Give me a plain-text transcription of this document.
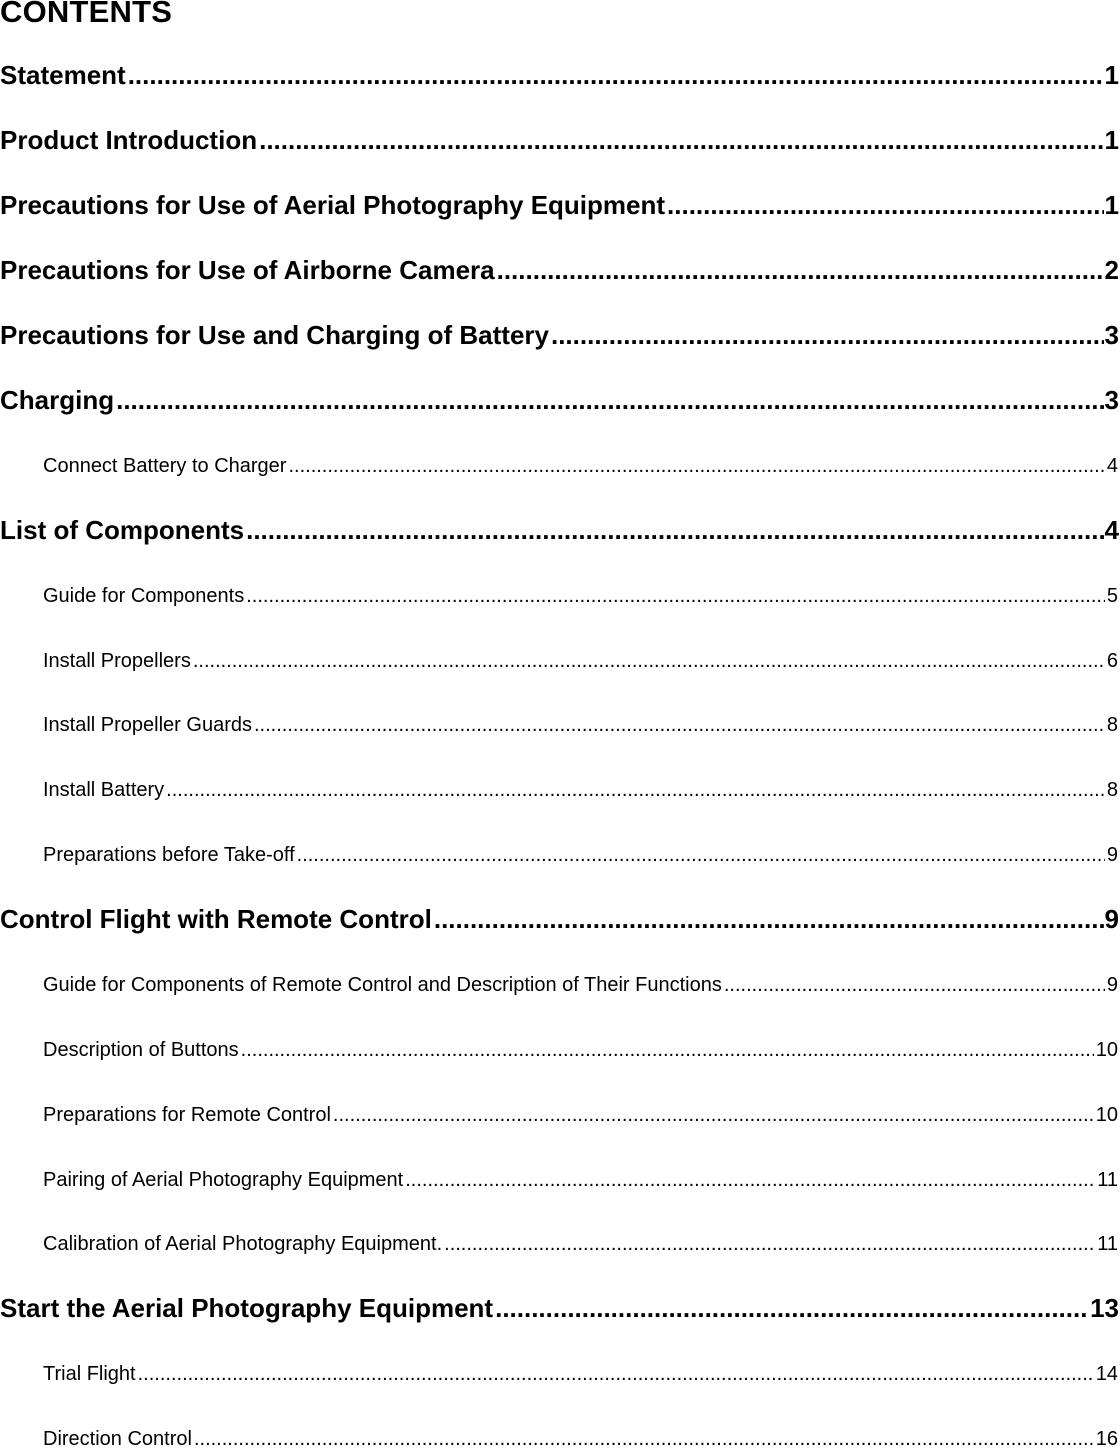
CONTENTS
Statement .....	1
Product Introduction .....	1
Precautions for Use of Aerial Photography Equipment .....	1
Precautions for Use of Airborne Camera .....	2
Precautions for Use and Charging of Battery .....	3
Charging .....	3
Connect Battery to Charger .....	4
List of Components .....	4
Guide for Components .....	5
Install Propellers .....	6
Install Propeller Guards .....	8
Install Battery .....	8
Preparations before Take-off .....	9
Control Flight with Remote Control .....	9
Guide for Components of Remote Control and Description of Their Functions .....	9
Description of Buttons .....	10
Preparations for Remote Control .....	10
Pairing of Aerial Photography Equipment .....	11
Calibration of Aerial Photography Equipment. .....	11
Start the Aerial Photography Equipment .....	13
Trial Flight .....	14
Direction Control .....	16
